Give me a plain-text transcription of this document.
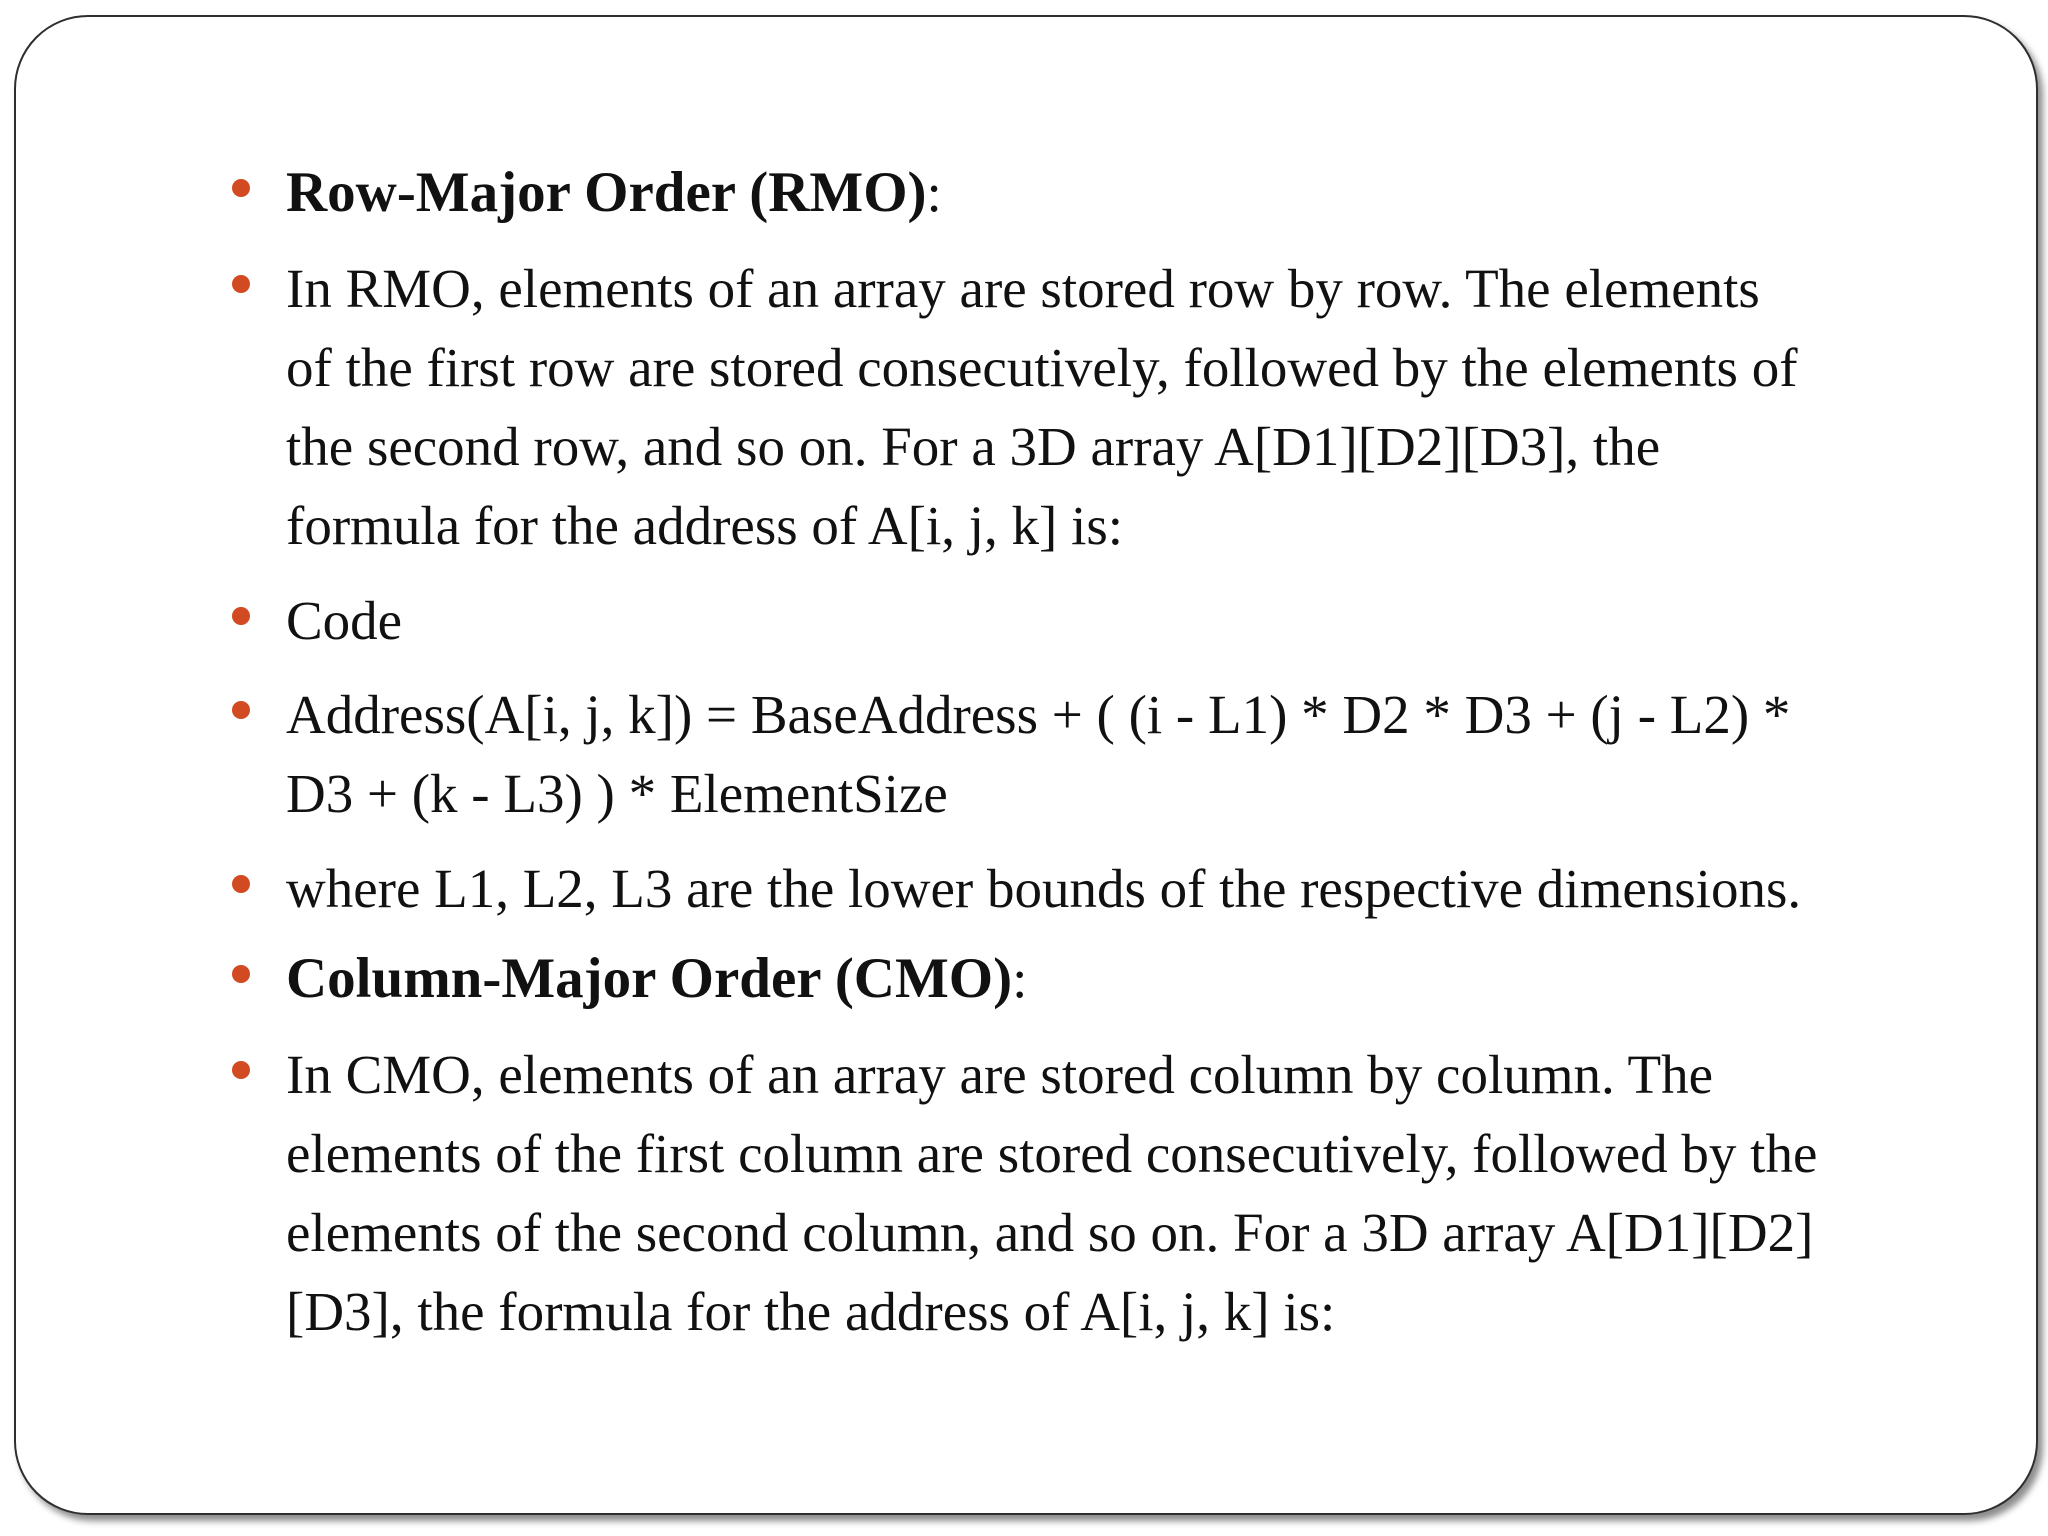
Row-Major Order (RMO):

In RMO, elements of an array are stored row by row. The elements
of the first row are stored consecutively, followed by the elements of
the second row, and so on. For a 3D array A[D1][D2][D3], the
formula for the address of A[i, j, k] is:

Code

Address(A[i, j, k]) = BaseAddress + ( (i - L1) * D2 * D3 + (j - L2) *
D3 + (k - L3) ) * ElementSize

where L1, L2, L3 are the lower bounds of the respective dimensions.

Column-Major Order (CMO):

In CMO, elements of an array are stored column by column. The
elements of the first column are stored consecutively, followed by the
elements of the second column, and so on. For a 3D array A[D1][D2]
[D3], the formula for the address of A[i, j, k] is:
